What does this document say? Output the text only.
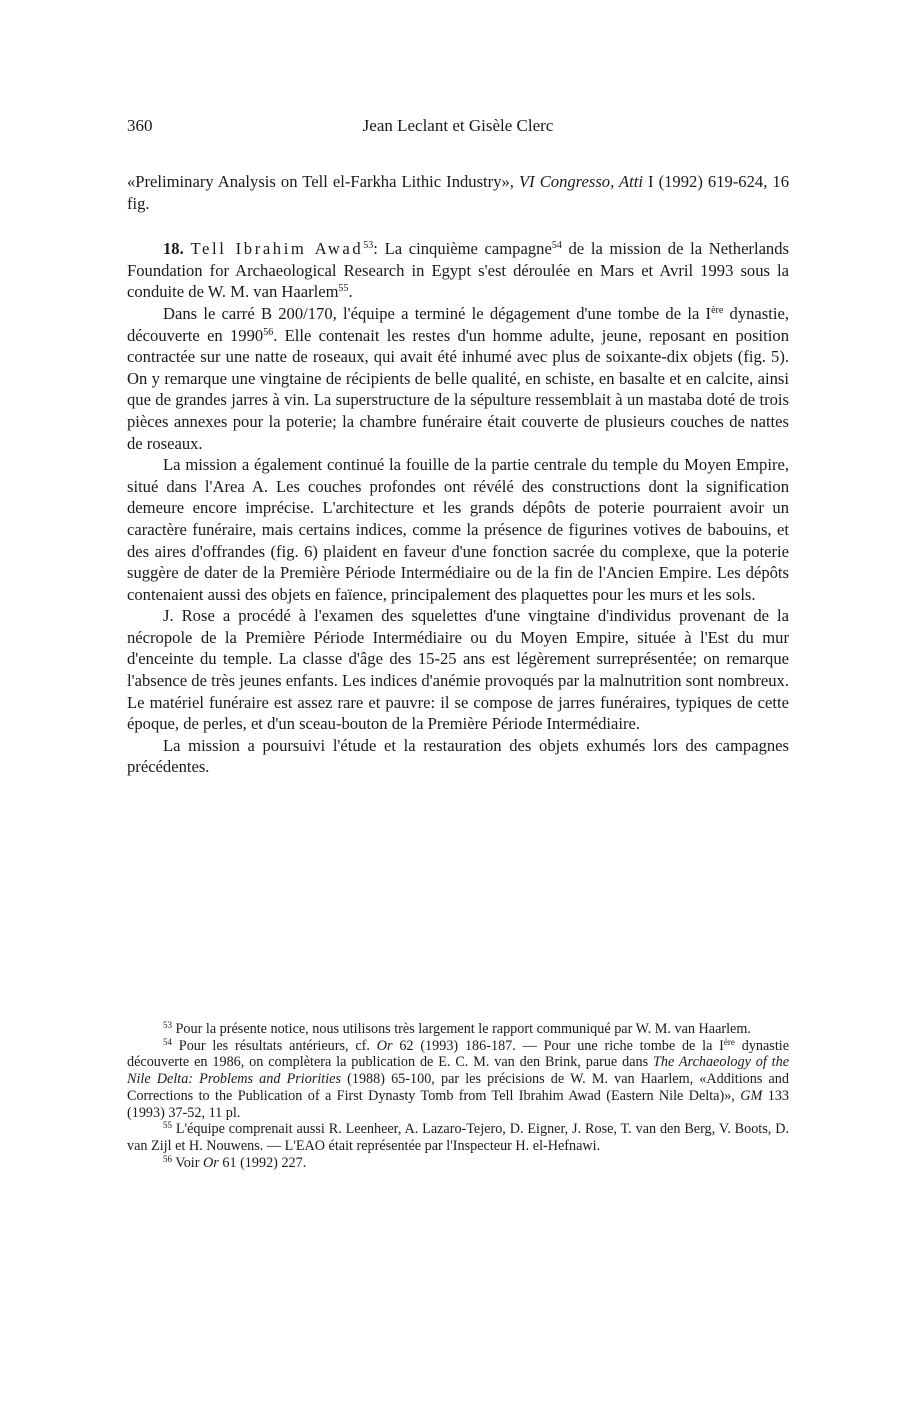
360	Jean Leclant et Gisèle Clerc

«Preliminary Analysis on Tell el-Farkha Lithic Industry», VI Congresso, Atti I (1992) 619-624, 16 fig.

18. Tell Ibrahim Awad$^{53}$: La cinquième campagne$^{54}$ de la mission de la Netherlands Foundation for Archaeological Research in Egypt s'est déroulée en Mars et Avril 1993 sous la conduite de W. M. van Haarlem$^{55}$.

Dans le carré B 200/170, l'équipe a terminé le dégagement d'une tombe de la Ière dynastie, découverte en 1990$^{56}$. Elle contenait les restes d'un homme adulte, jeune, reposant en position contractée sur une natte de roseaux, qui avait été inhumé avec plus de soixante-dix objets (fig. 5). On y remarque une vingtaine de récipients de belle qualité, en schiste, en basalte et en calcite, ainsi que de grandes jarres à vin. La superstructure de la sépulture ressemblait à un mastaba doté de trois pièces annexes pour la poterie; la chambre funéraire était couverte de plusieurs couches de nattes de roseaux.

La mission a également continué la fouille de la partie centrale du temple du Moyen Empire, situé dans l'Area A. Les couches profondes ont révélé des constructions dont la signification demeure encore imprécise. L'architecture et les grands dépôts de poterie pourraient avoir un caractère funéraire, mais certains indices, comme la présence de figurines votives de babouins, et des aires d'offrandes (fig. 6) plaident en faveur d'une fonction sacrée du complexe, que la poterie suggère de dater de la Première Période Intermédiaire ou de la fin de l'Ancien Empire. Les dépôts contenaient aussi des objets en faïence, principalement des plaquettes pour les murs et les sols.

J. Rose a procédé à l'examen des squelettes d'une vingtaine d'individus provenant de la nécropole de la Première Période Intermédiaire ou du Moyen Empire, située à l'Est du mur d'enceinte du temple. La classe d'âge des 15-25 ans est légèrement surreprésentée; on remarque l'absence de très jeunes enfants. Les indices d'anémie provoqués par la malnutrition sont nombreux. Le matériel funéraire est assez rare et pauvre: il se compose de jarres funéraires, typiques de cette époque, de perles, et d'un sceau-bouton de la Première Période Intermédiaire.

La mission a poursuivi l'étude et la restauration des objets exhumés lors des campagnes précédentes.

$^{53}$ Pour la présente notice, nous utilisons très largement le rapport communiqué par W. M. van Haarlem.

$^{54}$ Pour les résultats antérieurs, cf. Or 62 (1993) 186-187. — Pour une riche tombe de la Ière dynastie découverte en 1986, on complètera la publication de E. C. M. van den Brink, parue dans The Archaeology of the Nile Delta: Problems and Priorities (1988) 65-100, par les précisions de W. M. van Haarlem, «Additions and Corrections to the Publication of a First Dynasty Tomb from Tell Ibrahim Awad (Eastern Nile Delta)», GM 133 (1993) 37-52, 11 pl.

$^{55}$ L'équipe comprenait aussi R. Leenheer, A. Lazaro-Tejero, D. Eigner, J. Rose, T. van den Berg, V. Boots, D. van Zijl et H. Nouwens. — L'EAO était représentée par l'Inspecteur H. el-Hefnawi.

$^{56}$ Voir Or 61 (1992) 227.
